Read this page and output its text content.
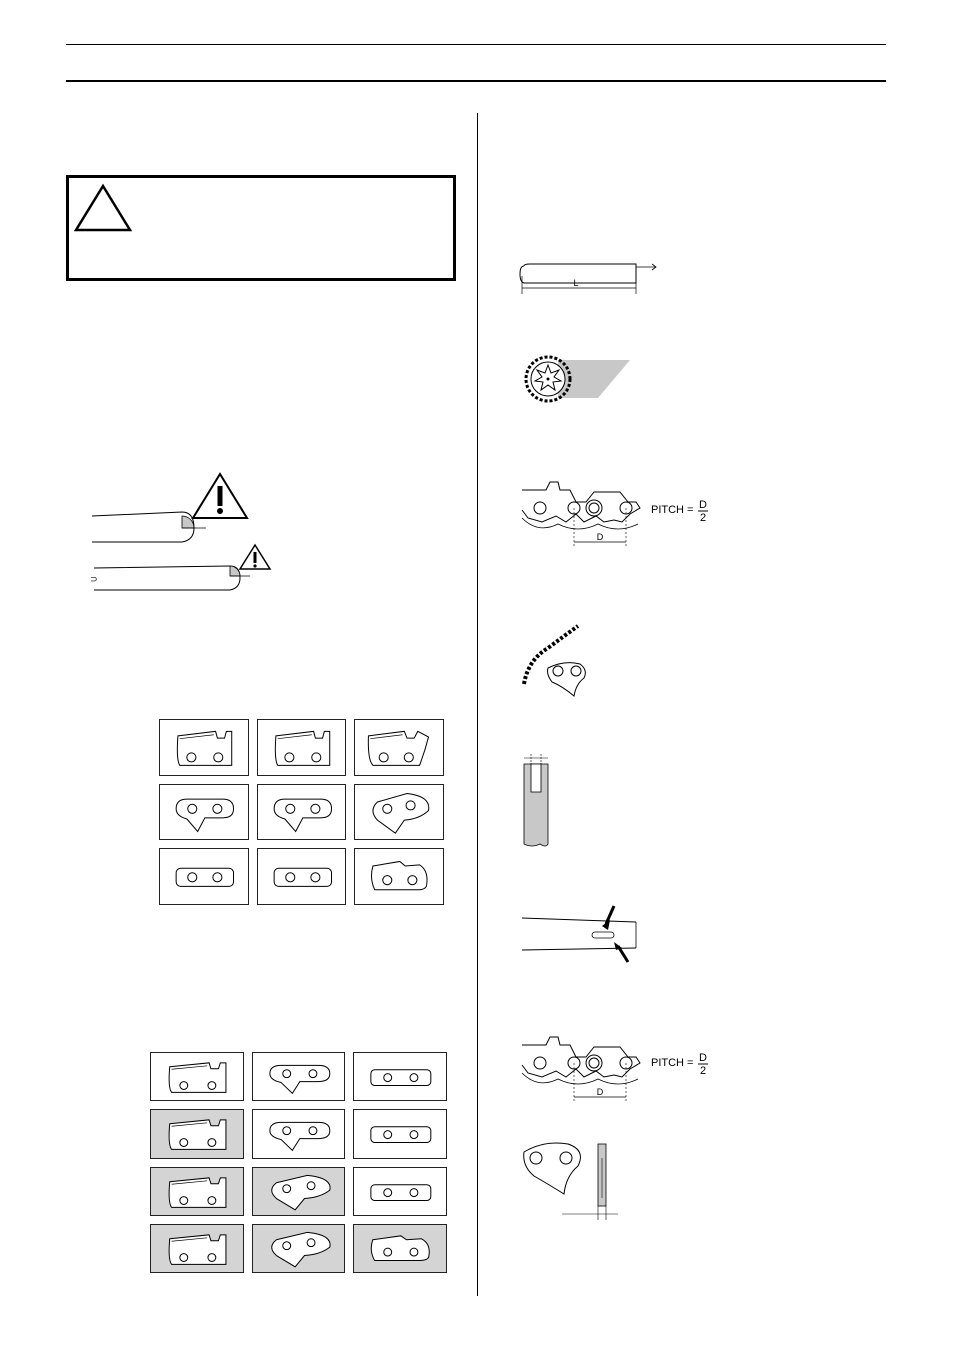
⊃
L
D
PITCH = D
2
D
PITCH = D
2
